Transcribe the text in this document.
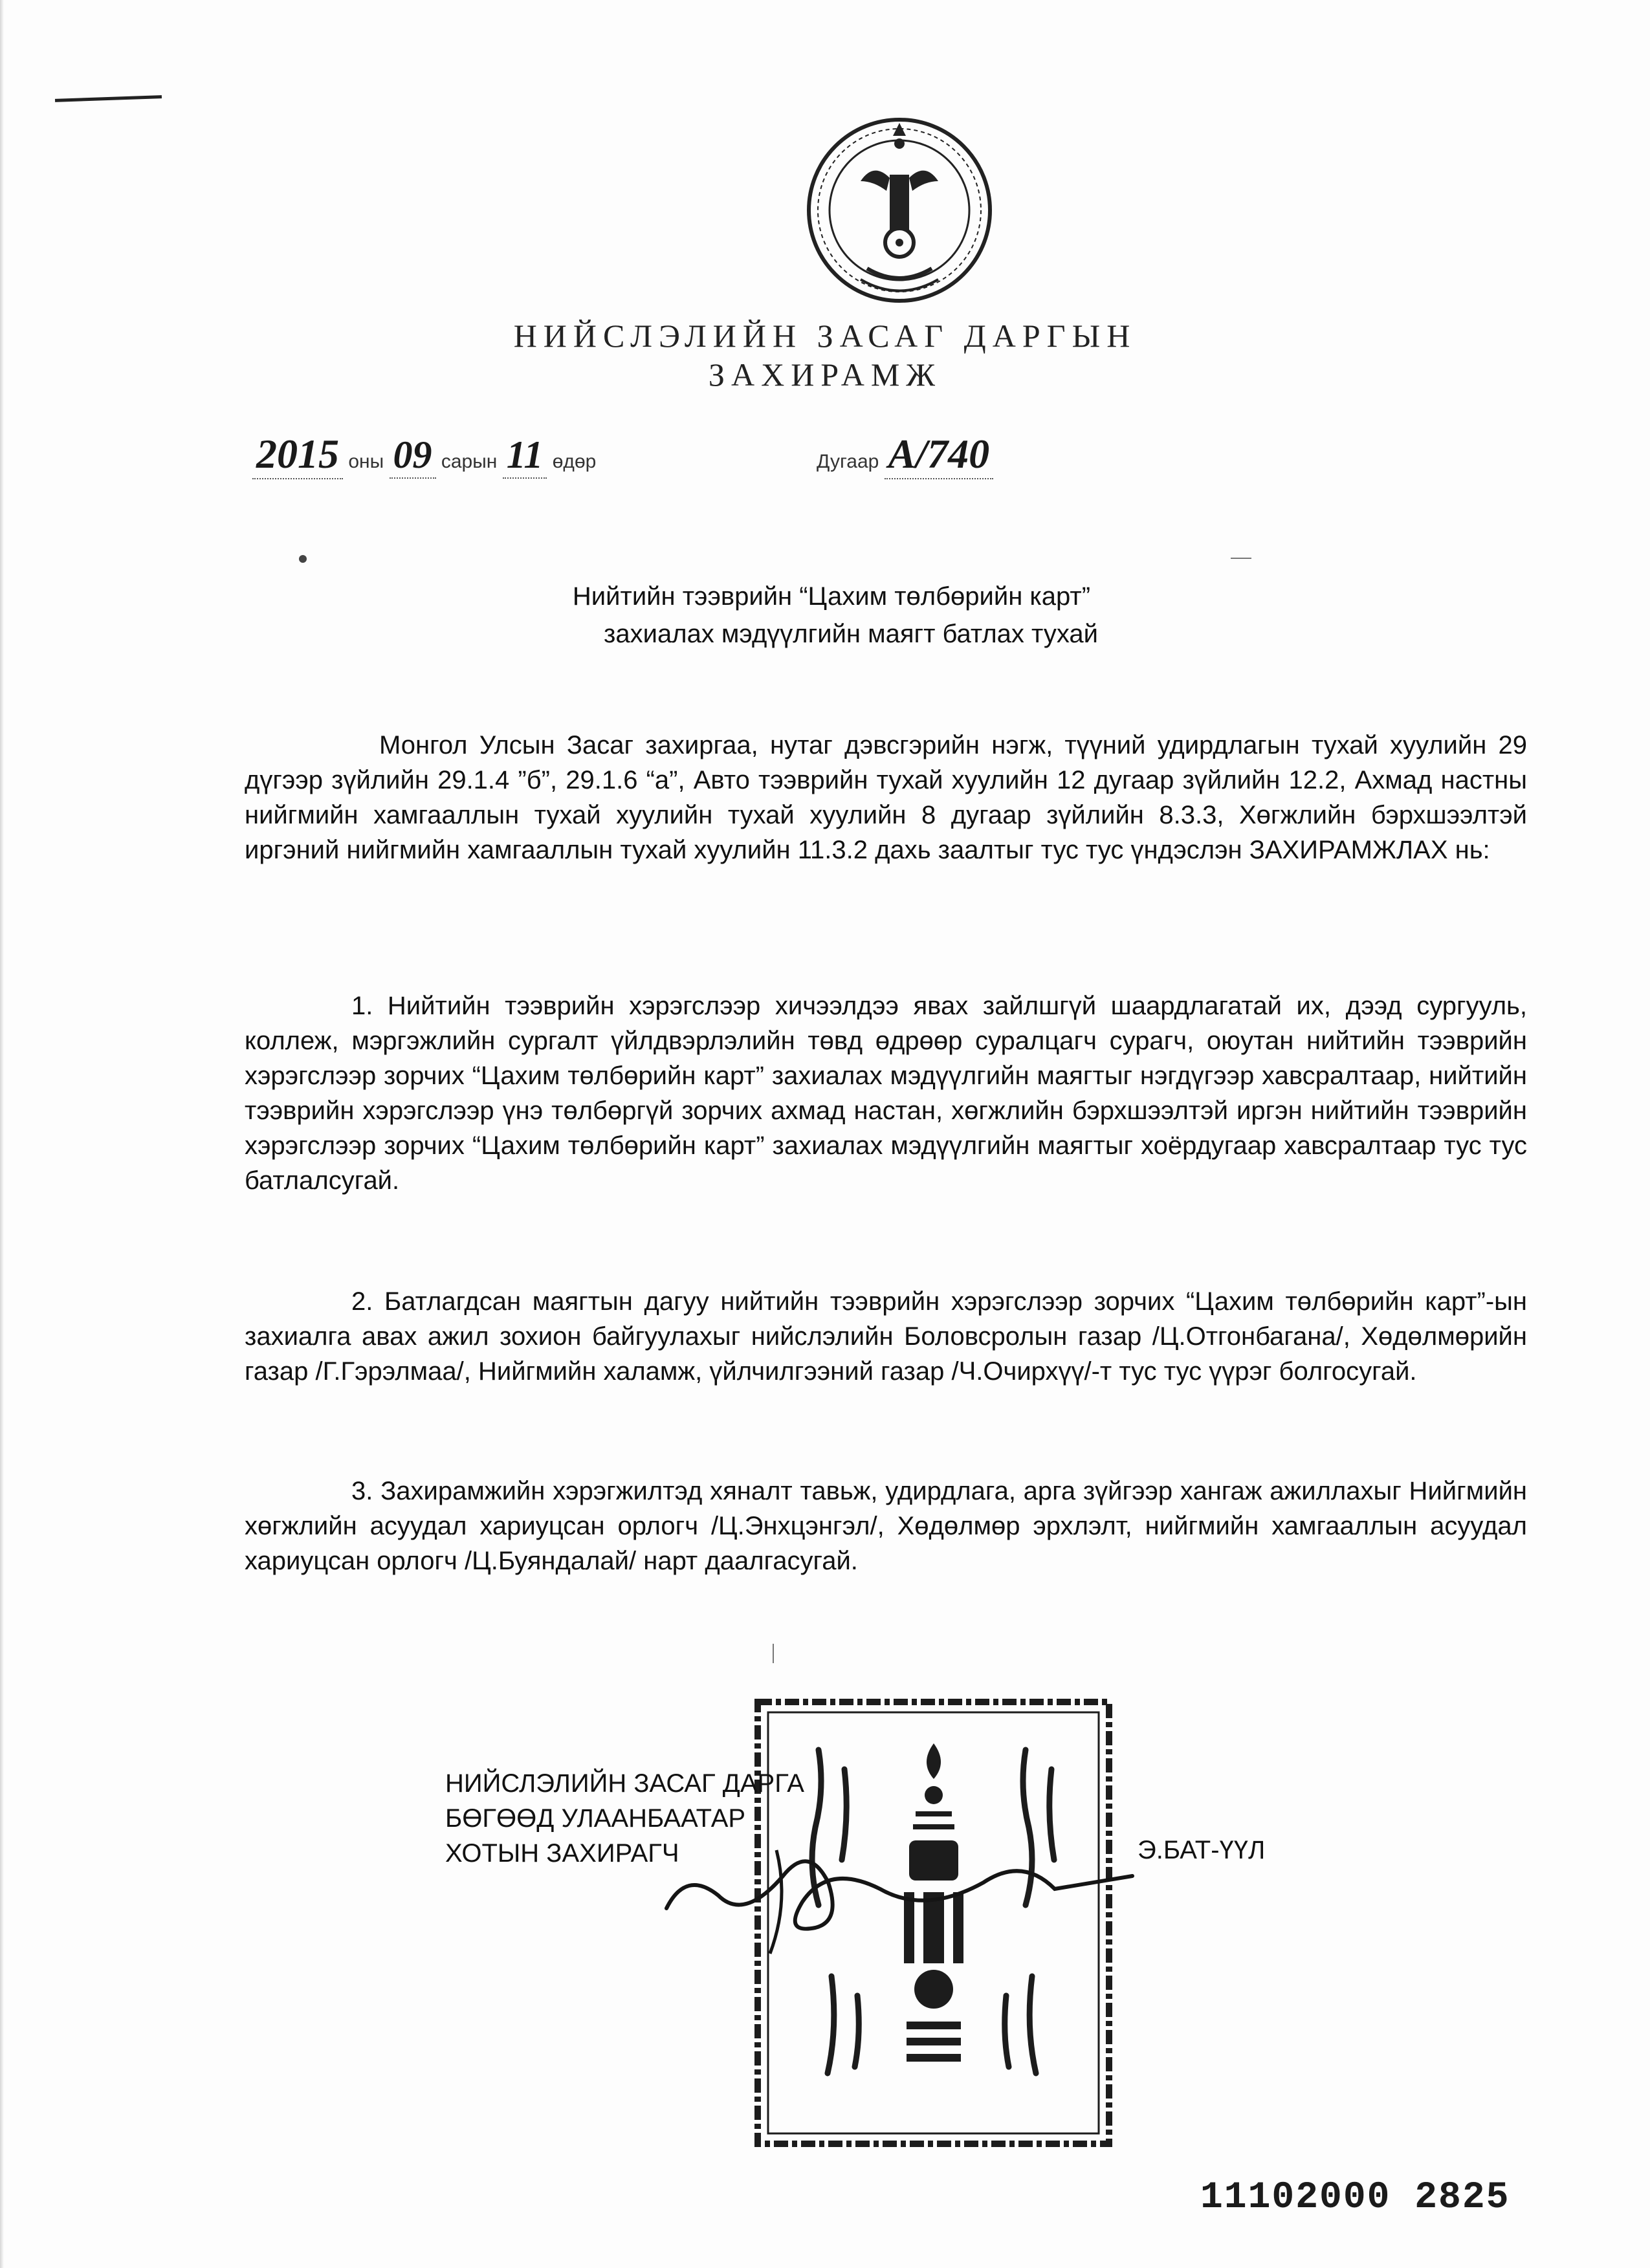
НИЙСЛЭЛИЙН ЗАСАГ ДАРГЫН
ЗАХИРАМЖ
2015 оны 09 сарын 11 өдөр	Дугаар A/740
Нийтийн тээврийн “Цахим төлбөрийн карт”
захиалах мэдүүлгийн маягт батлах тухай

Монгол Улсын Засаг захиргаа, нутаг дэвсгэрийн нэгж, түүний удирдлагын тухай хуулийн 29 дүгээр зүйлийн 29.1.4 ”б”, 29.1.6 “а”, Авто тээврийн тухай хуулийн 12 дугаар зүйлийн 12.2, Ахмад настны нийгмийн хамгааллын тухай хуулийн тухай хуулийн 8 дугаар зүйлийн 8.3.3, Хөгжлийн бэрхшээлтэй иргэний нийгмийн хамгааллын тухай хуулийн 11.3.2 дахь заалтыг тус тус үндэслэн ЗАХИРАМЖЛАХ нь:

1. Нийтийн тээврийн хэрэгслээр хичээлдээ явах зайлшгүй шаардлагатай их, дээд сургууль, коллеж, мэргэжлийн сургалт үйлдвэрлэлийн төвд өдрөөр суралцагч сурагч, оюутан нийтийн тээврийн хэрэгслээр зорчих “Цахим төлбөрийн карт” захиалах мэдүүлгийн маягтыг нэгдүгээр хавсралтаар, нийтийн тээврийн хэрэгслээр үнэ төлбөргүй зорчих ахмад настан, хөгжлийн бэрхшээлтэй иргэн нийтийн тээврийн хэрэгслээр зорчих “Цахим төлбөрийн карт” захиалах мэдүүлгийн маягтыг хоёрдугаар хавсралтаар тус тус батлалсугай.

2. Батлагдсан маягтын дагуу нийтийн тээврийн хэрэгслээр зорчих “Цахим төлбөрийн карт”-ын захиалга авах ажил зохион байгуулахыг нийслэлийн Боловсролын газар /Ц.Отгонбагана/, Хөдөлмөрийн газар /Г.Гэрэлмаа/, Нийгмийн халамж, үйлчилгээний газар /Ч.Очирхүү/-т тус тус үүрэг болгосугай.

3. Захирамжийн хэрэгжилтэд хяналт тавьж, удирдлага, арга зүйгээр хангаж ажиллахыг Нийгмийн хөгжлийн асуудал хариуцсан орлогч /Ц.Энхцэнгэл/, Хөдөлмөр эрхлэлт, нийгмийн хамгааллын асуудал хариуцсан орлогч /Ц.Буяндалай/ нарт даалгасугай.

НИЙСЛЭЛИЙН ЗАСАГ ДАРГА
БӨГӨӨД УЛААНБААТАР
ХОТЫН ЗАХИРАГЧ	Э.БАТ-ҮҮЛ
11102000 2825
